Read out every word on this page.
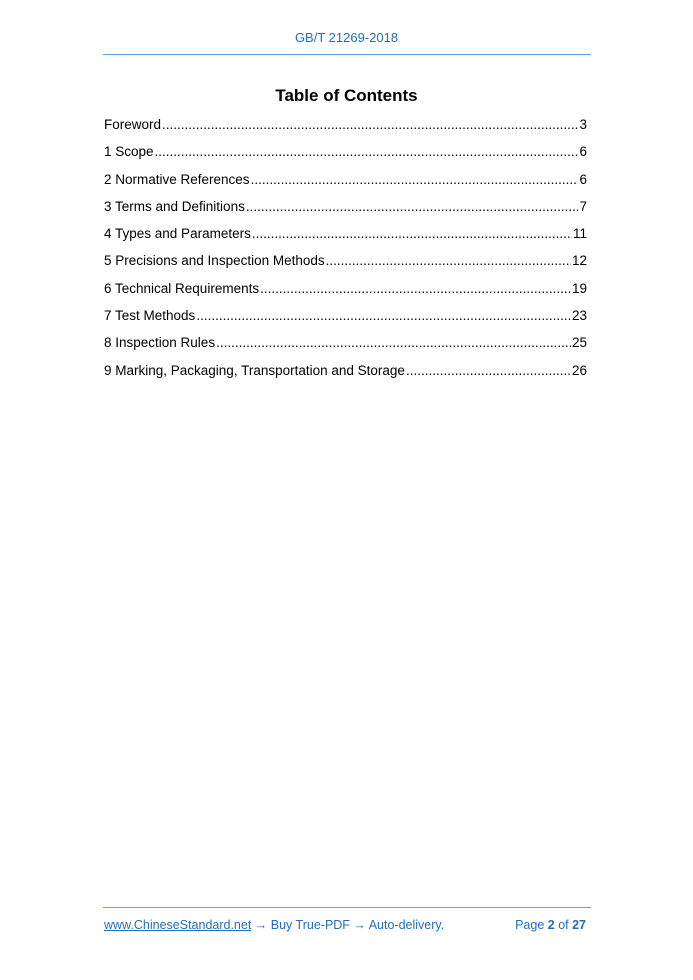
GB/T 21269-2018
Table of Contents
Foreword .....	3
1 Scope .....	6
2 Normative References .....	6
3 Terms and Definitions .....	7
4 Types and Parameters .....	11
5 Precisions and Inspection Methods .....	12
6 Technical Requirements .....	19
7 Test Methods .....	23
8 Inspection Rules .....	25
9 Marking, Packaging, Transportation and Storage .....	26
www.ChineseStandard.net → Buy True-PDF → Auto-delivery.	Page 2 of 27
